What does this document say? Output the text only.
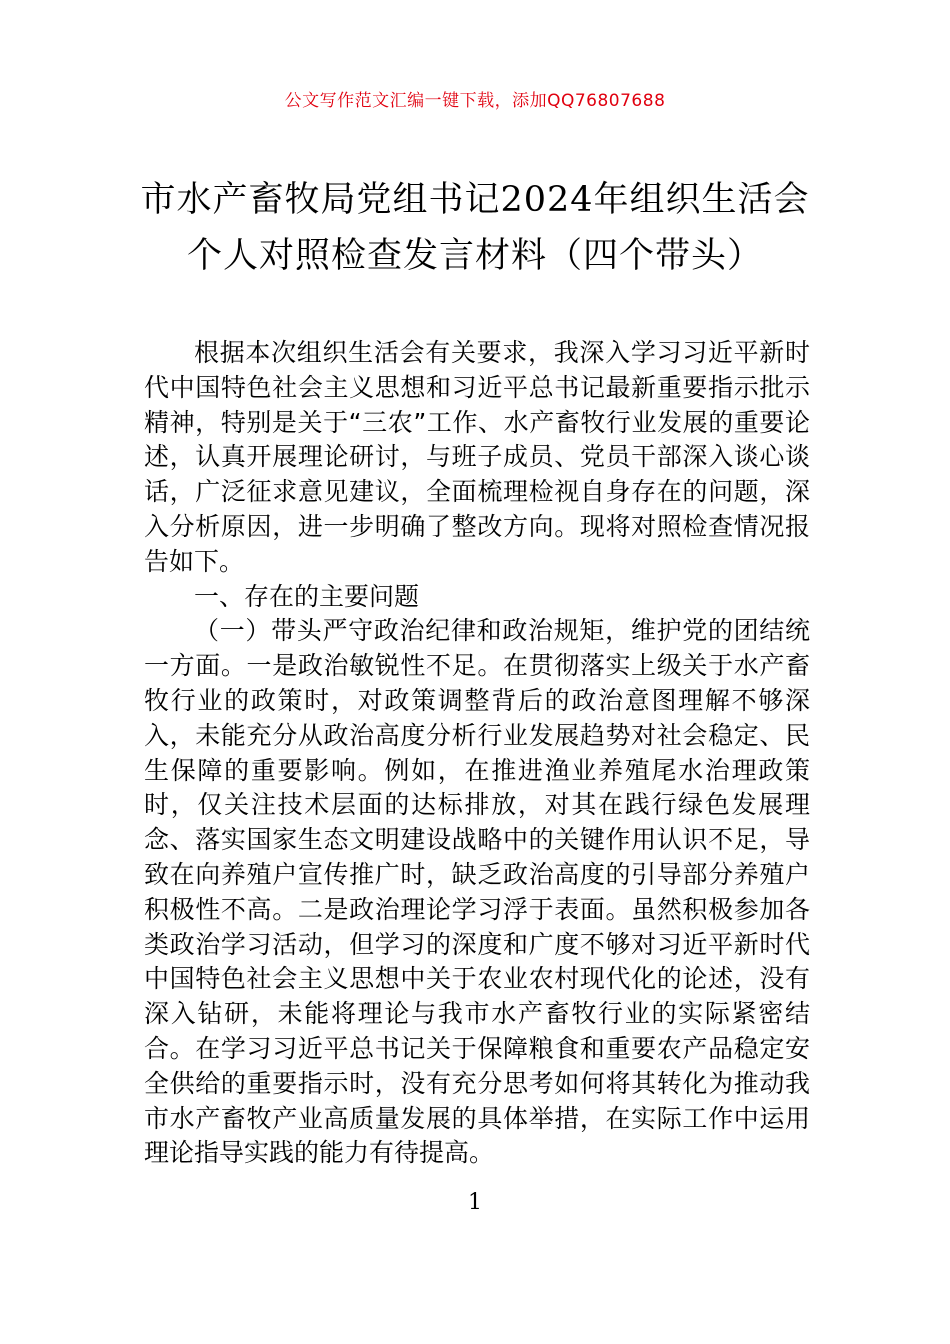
公文写作范文汇编一键下载，添加QQ76807688
市水产畜牧局党组书记2024年组织生活会
个人对照检查发言材料（四个带头）

根据本次组织生活会有关要求，我深入学习习近平新时代中国特色社会主义思想和习近平总书记最新重要指示批示精神，特别是关于“三农”工作、水产畜牧行业发展的重要论述，认真开展理论研讨，与班子成员、党员干部深入谈心谈话，广泛征求意见建议，全面梳理检视自身存在的问题，深入分析原因，进一步明确了整改方向。现将对照检查情况报告如下。

一、存在的主要问题

（一）带头严守政治纪律和政治规矩，维护党的团结统一方面。一是政治敏锐性不足。在贯彻落实上级关于水产畜牧行业的政策时，对政策调整背后的政治意图理解不够深入，未能充分从政治高度分析行业发展趋势对社会稳定、民生保障的重要影响。例如，在推进渔业养殖尾水治理政策时，仅关注技术层面的达标排放，对其在践行绿色发展理念、落实国家生态文明建设战略中的关键作用认识不足，导致在向养殖户宣传推广时，缺乏政治高度的引导部分养殖户积极性不高。二是政治理论学习浮于表面。虽然积极参加各类政治学习活动，但学习的深度和广度不够对习近平新时代中国特色社会主义思想中关于农业农村现代化的论述，没有深入钻研，未能将理论与我市水产畜牧行业的实际紧密结合。在学习习近平总书记关于保障粮食和重要农产品稳定安全供给的重要指示时，没有充分思考如何将其转化为推动我市水产畜牧产业高质量发展的具体举措，在实际工作中运用理论指导实践的能力有待提高。

1
